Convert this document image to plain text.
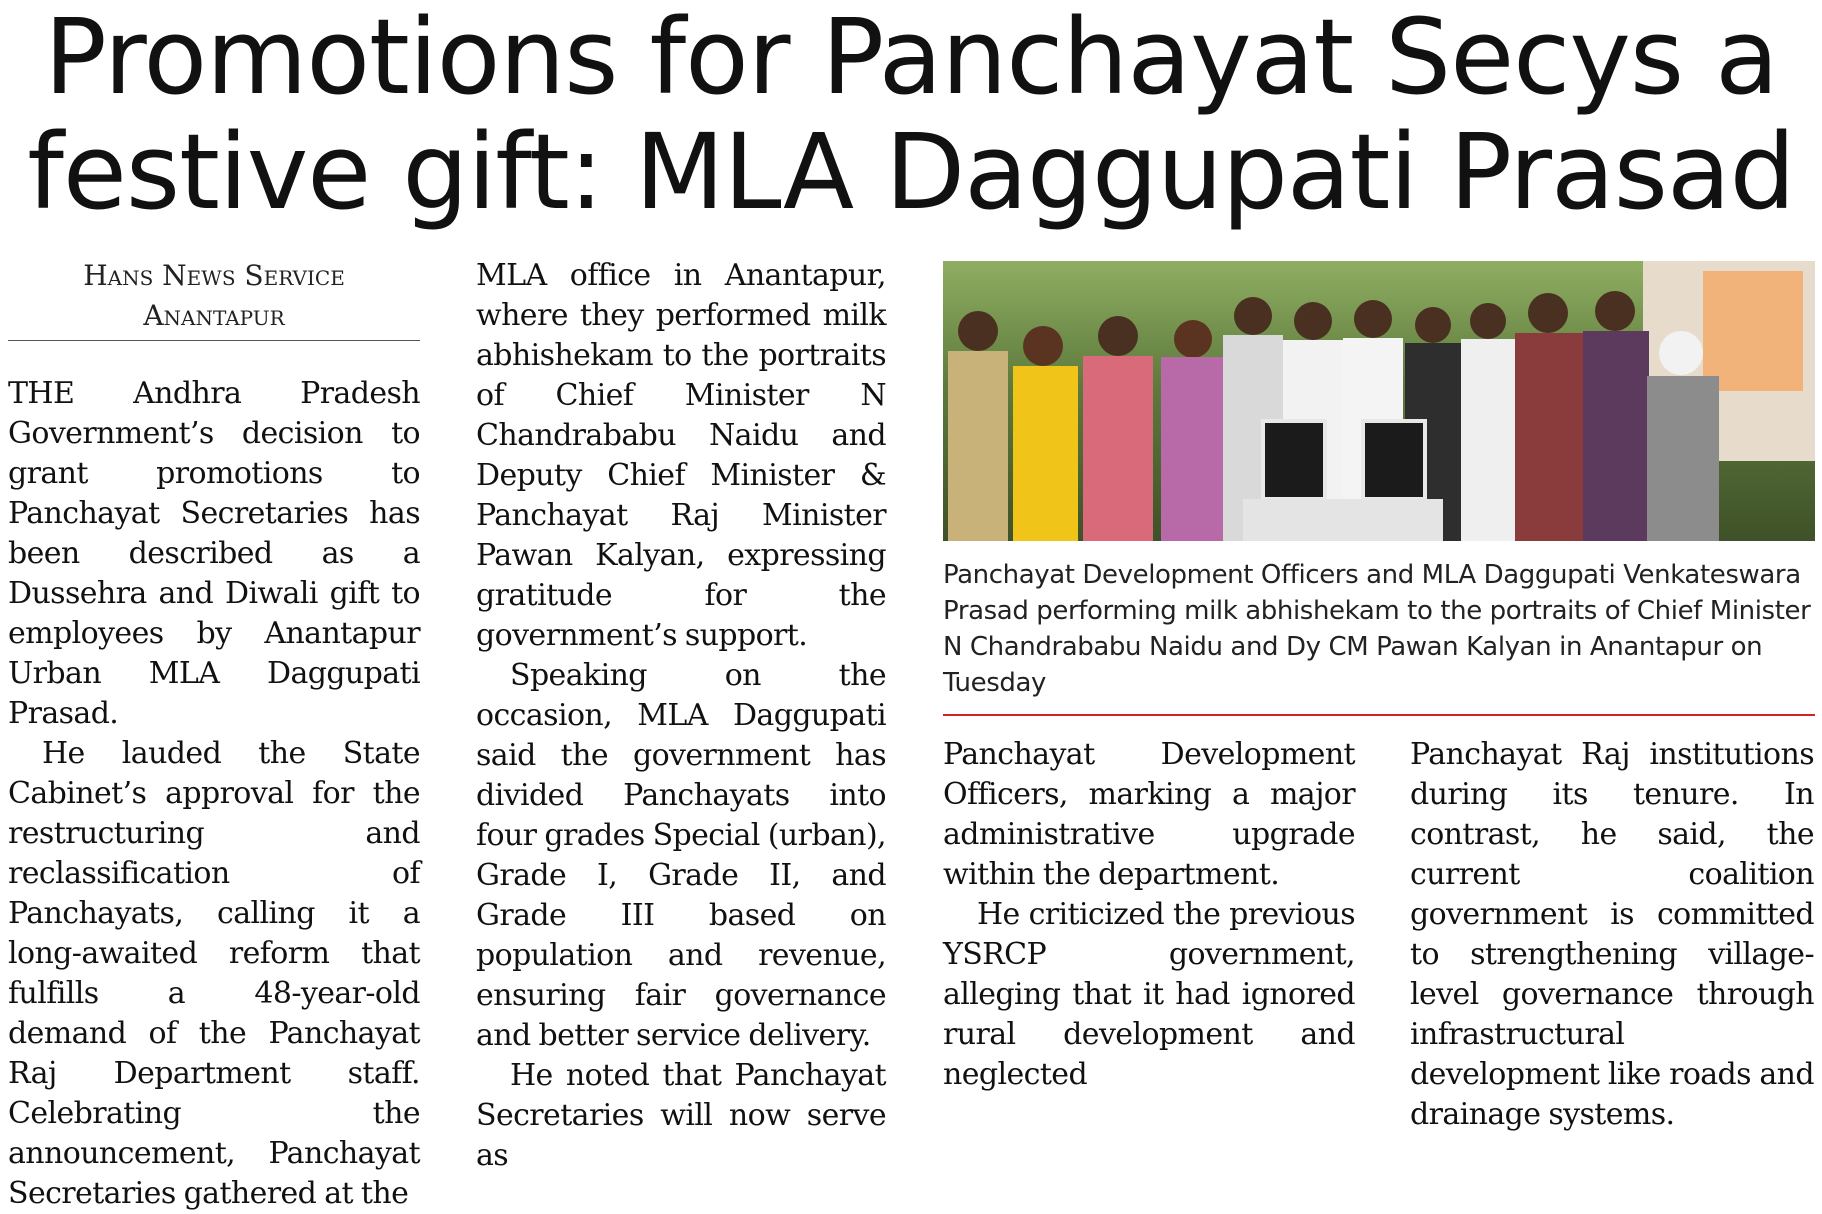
Promotions for Panchayat Secys a
festive gift: MLA Daggupati Prasad
Hans News Service
Anantapur

THE Andhra Pradesh Government’s decision to grant promotions to Panchayat Secretaries has been described as a Dussehra and Diwali gift to employees by Anantapur Urban MLA Daggupati Prasad.

He lauded the State Cabinet’s approval for the restructuring and reclassification of Panchayats, calling it a long-awaited reform that fulfills a 48-year-old demand of the Panchayat Raj Department staff. Celebrating the announcement, Panchayat Secretaries gathered at the

MLA office in Anantapur, where they performed milk abhishekam to the portraits of Chief Minister N Chandrababu Naidu and Deputy Chief Minister & Panchayat Raj Minister Pawan Kalyan, expressing gratitude for the government’s support.

Speaking on the occasion, MLA Daggupati said the government has divided Panchayats into four grades Special (urban), Grade I, Grade II, and Grade III based on population and revenue, ensuring fair governance and better service delivery.

He noted that Panchayat Secretaries will now serve as

Panchayat Development Officers and MLA Daggupati Venkateswara Prasad performing milk abhishekam to the portraits of Chief Minister N Chandrababu Naidu and Dy CM Pawan Kalyan in Anantapur on Tuesday

Panchayat Development Officers, marking a major administrative upgrade within the department.

He criticized the previous YSRCP government, alleging that it had ignored rural development and neglected

Panchayat Raj institutions during its tenure. In contrast, he said, the current coalition government is committed to strengthening village-level governance through infrastructural development like roads and drainage systems.
